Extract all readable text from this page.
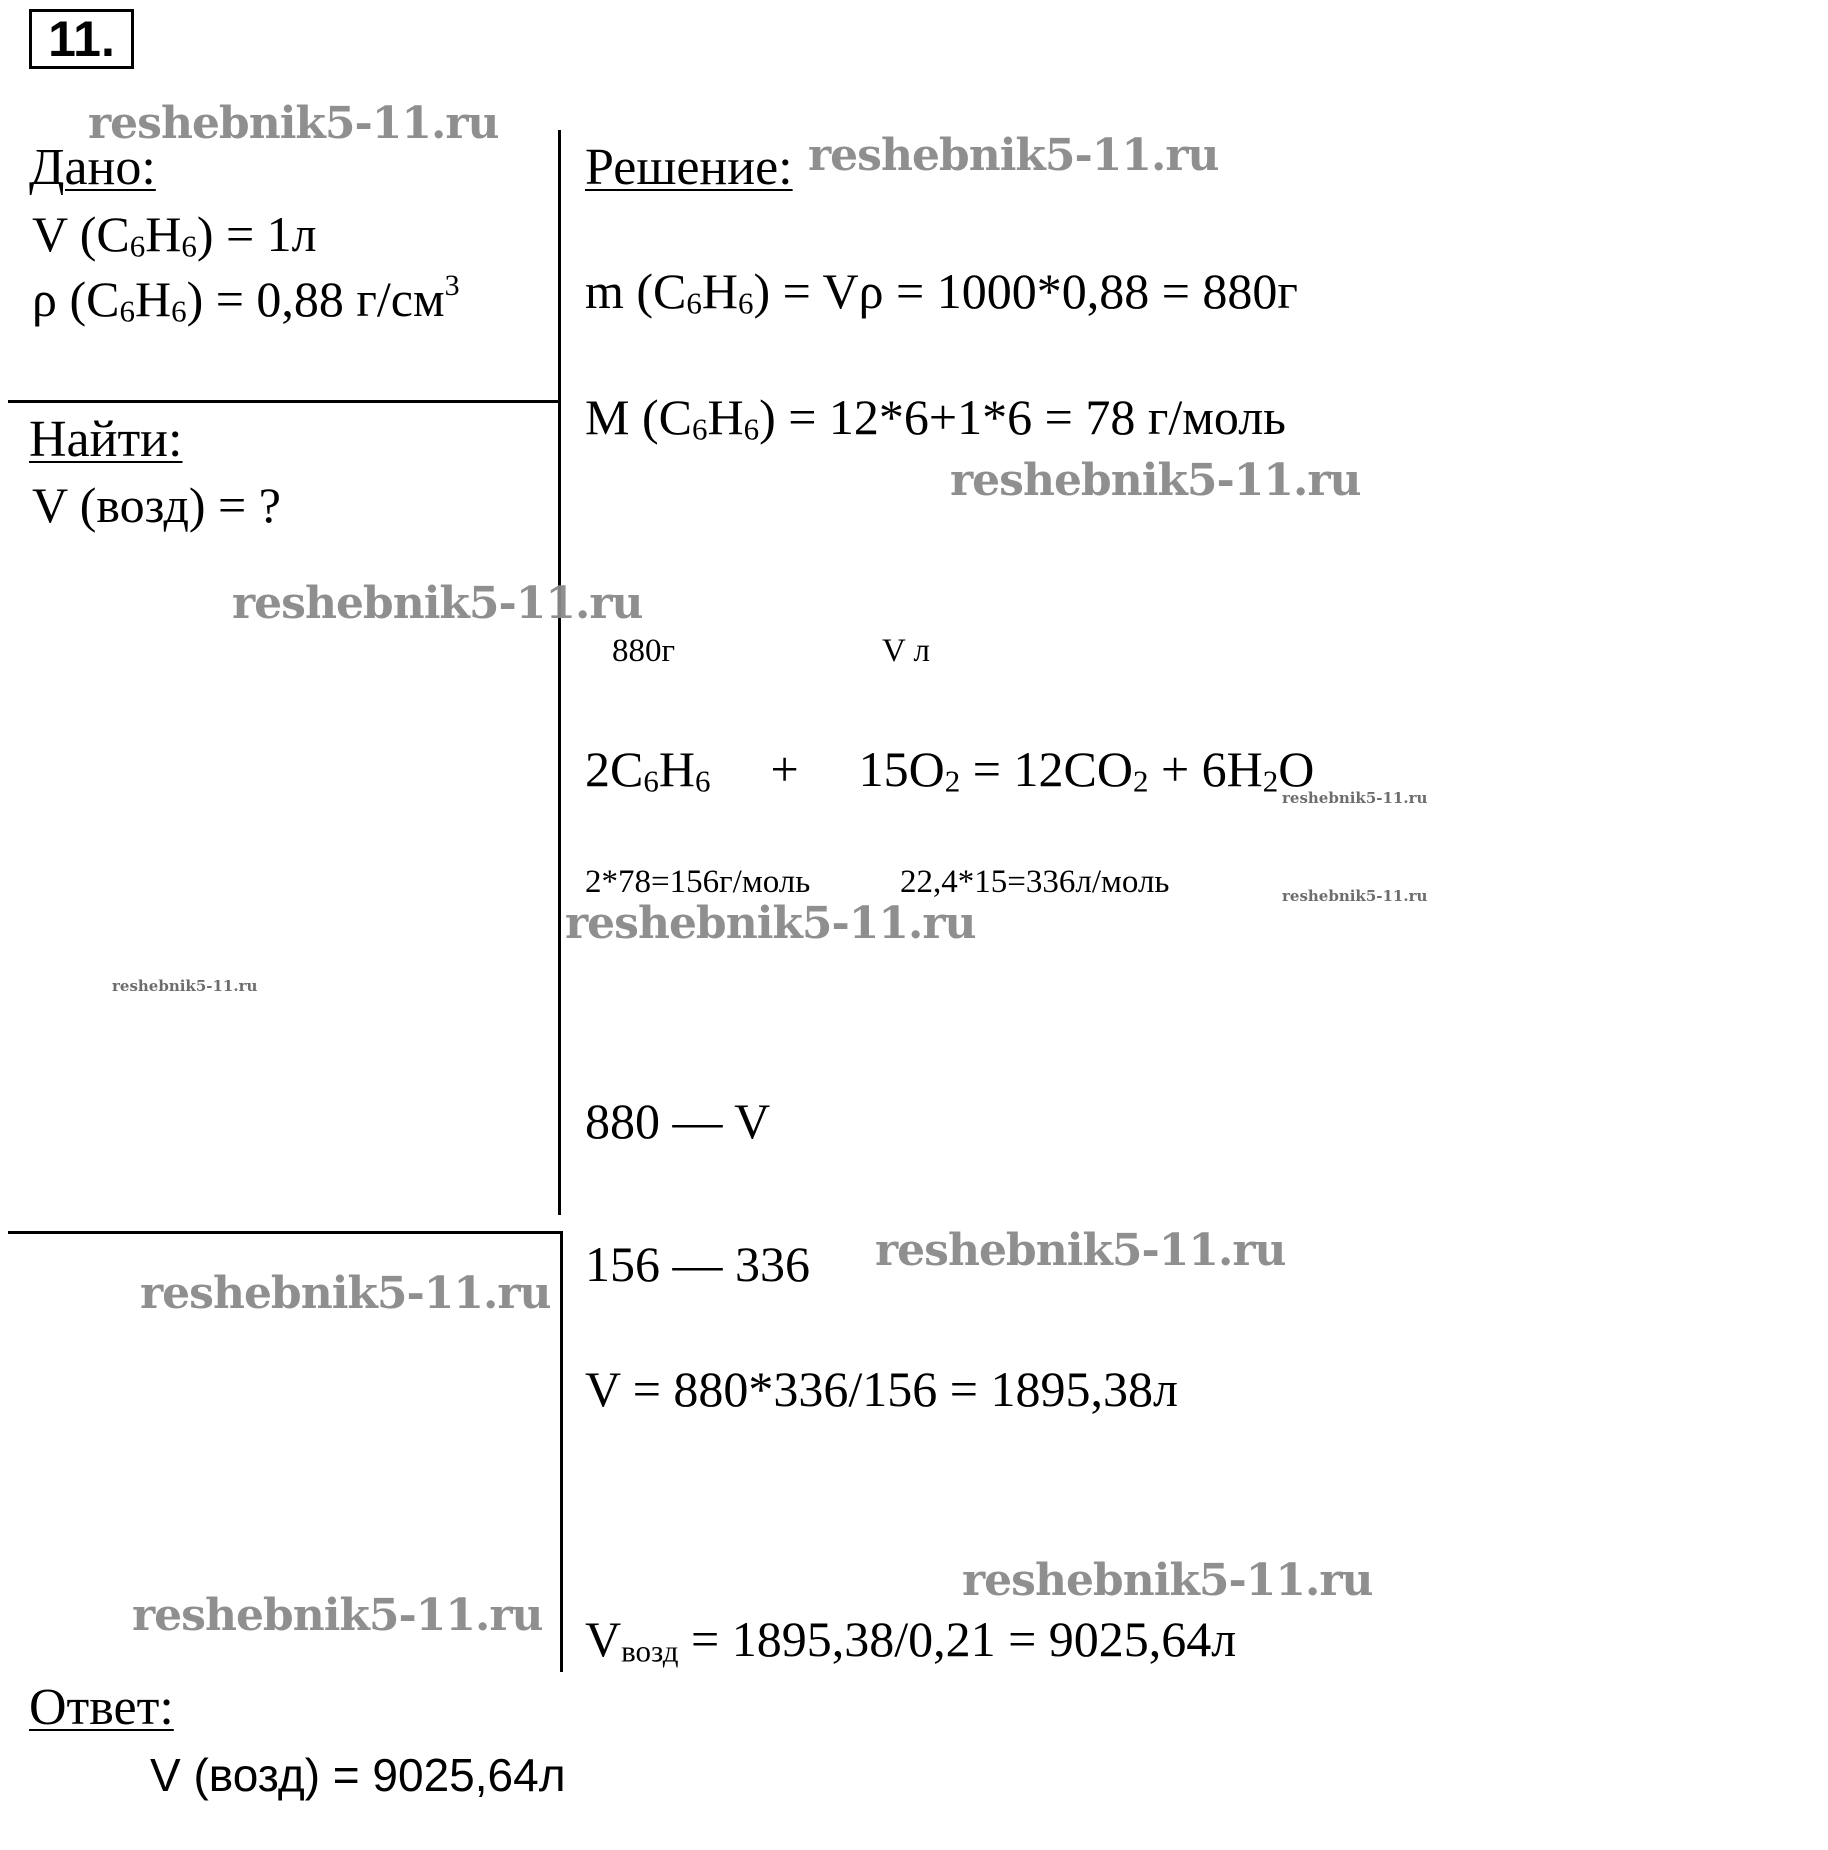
11.
Дано:
V $(C_6H_6) = 1л$
ρ $(C_6H_6) = 0,88$ $г/см^3$
Найти:
V (возд) = ?
Решение:
m $(C_6H_6) = V\rho = 1000*0,88 = 880г$
M $(C_6H_6) = 12*6+1*6 = 78$ г/моль
880г	V л
$2C_6H_6 + 15O_2 = 12CO_2 + 6H_2O$
2*78=156г/моль	22,4*15=336л/моль
880 — V
156 — 336
V = 880*336/156 = 1895,38л
$V_{возд} = 1895,38/0,21 = 9025,64л$
Ответ:
V (возд) = 9025,64л
reshebnik5-11.ru
reshebnik5-11.ru
reshebnik5-11.ru
reshebnik5-11.ru
reshebnik5-11.ru
reshebnik5-11.ru
reshebnik5-11.ru
reshebnik5-11.ru
reshebnik5-11.ru
reshebnik5-11.ru
reshebnik5-11.ru
reshebnik5-11.ru
